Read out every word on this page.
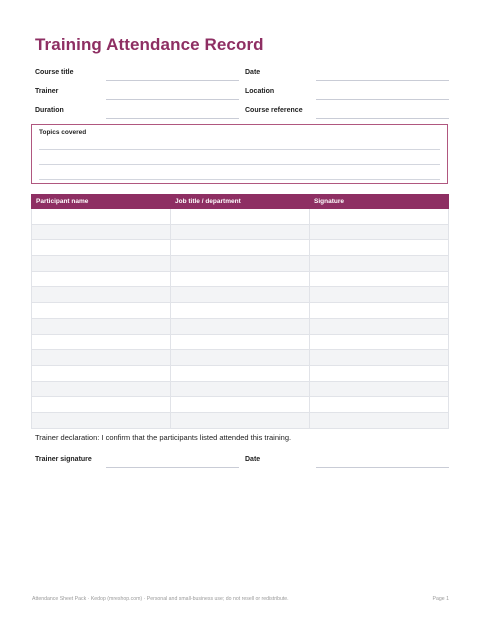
Training Attendance Record
Course title	Date
Trainer	Location
Duration	Course reference
Topics covered
Participant name	Job title / department	Signature

Trainer declaration: I confirm that the participants listed attended this training.
Trainer signature	Date
Attendance Sheet Pack · Kedop (mreshop.com) · Personal and small-business use; do not resell or redistribute.	Page 1
